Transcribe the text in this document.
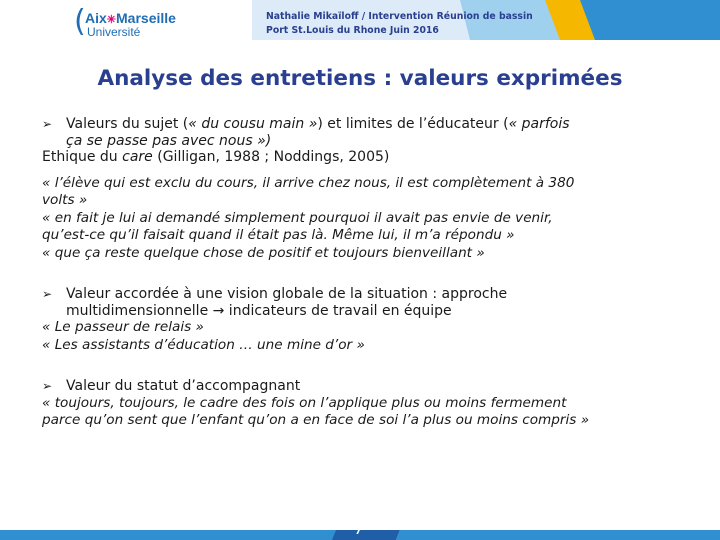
( Aix✳Marseille
Université
Nathalie Mikaïloff / Intervention Réunion de bassin
Port St.Louis du Rhone Juin 2016
Analyse des entretiens : valeurs exprimées

➢ Valeurs du sujet (« du cousu main ») et limites de l’éducateur (« parfois

ça se passe pas avec nous »)

Ethique du care (Gilligan, 1988 ; Noddings, 2005)

« l’élève qui est exclu du cours, il arrive chez nous, il est complètement à 380
volts »

« en fait je lui ai demandé simplement pourquoi il avait pas envie de venir,
qu’est-ce qu’il faisait quand il était pas là. Même lui, il m’a répondu »

« que ça reste quelque chose de positif et toujours bienveillant »

➢ Valeur accordée à une vision globale de la situation : approche

multidimensionnelle → indicateurs de travail en équipe

« Le passeur de relais »

« Les assistants d’éducation … une mine d’or »

➢ Valeur du statut d’accompagnant

« toujours, toujours, le cadre des fois on l’applique plus ou moins fermement
parce qu’on sent que l’enfant qu’on a en face de soi l’a plus ou moins compris »

7
